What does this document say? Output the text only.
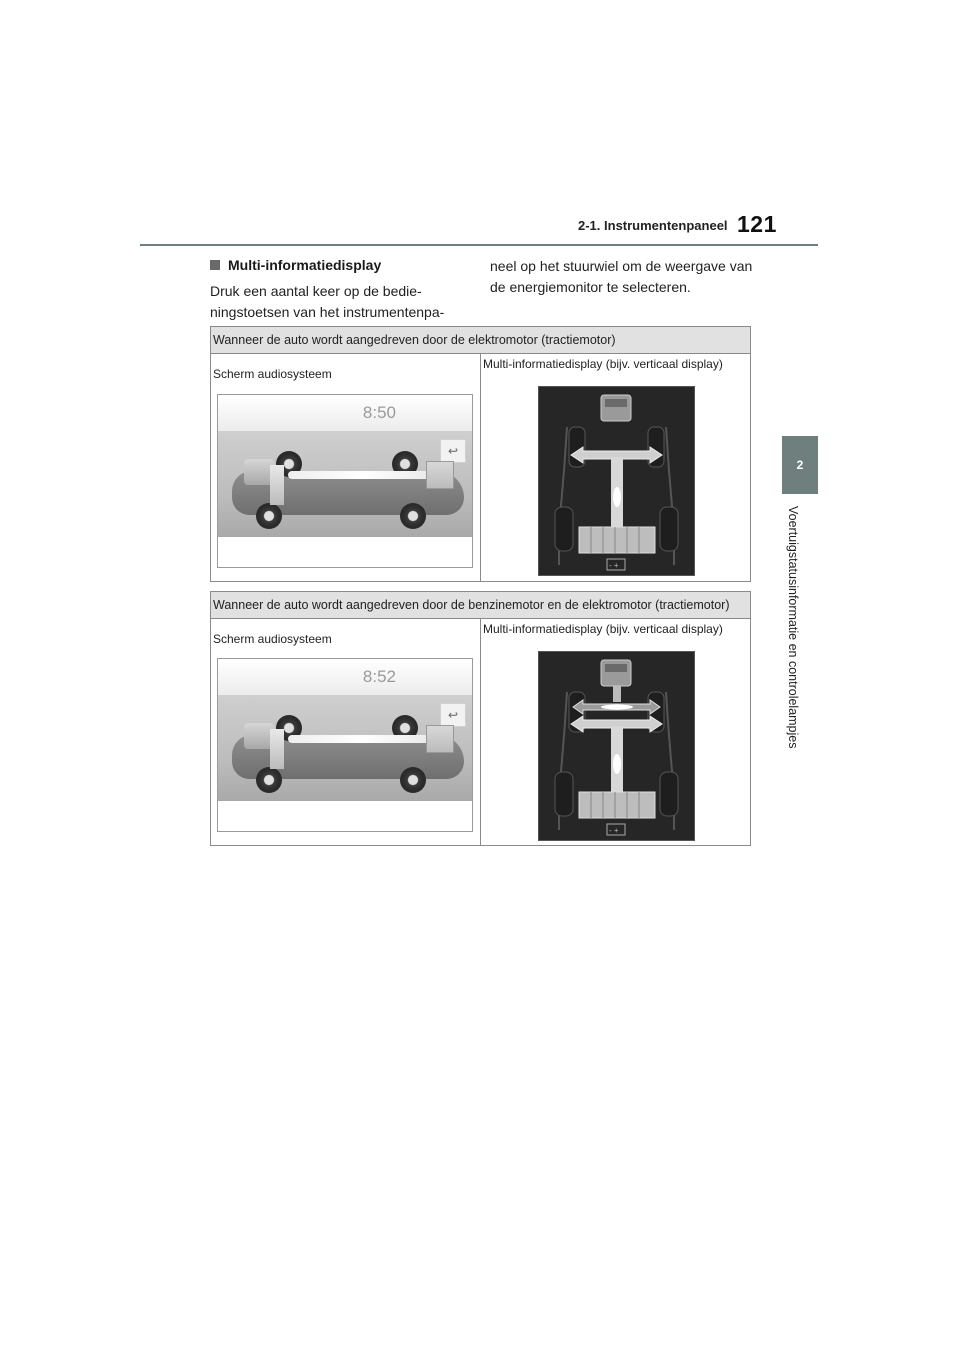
2-1. Instrumentenpaneel 121
2
Voertuigstatusinformatie en controlelampjes
Multi-informatiedisplay
Druk een aantal keer op de bedie-ningstoetsen van het instrumentenpa-
neel op het stuurwiel om de weergave van de energiemonitor te selecteren.
Wanneer de auto wordt aangedreven door de elektromotor (tractiemotor)
Scherm audiosysteem
8:50
↩
Multi-informatiedisplay (bijv. verticaal display)
- +
Wanneer de auto wordt aangedreven door de benzinemotor en de elektromotor (tractiemotor)
Scherm audiosysteem
8:52
↩
Multi-informatiedisplay (bijv. verticaal display)
- +
